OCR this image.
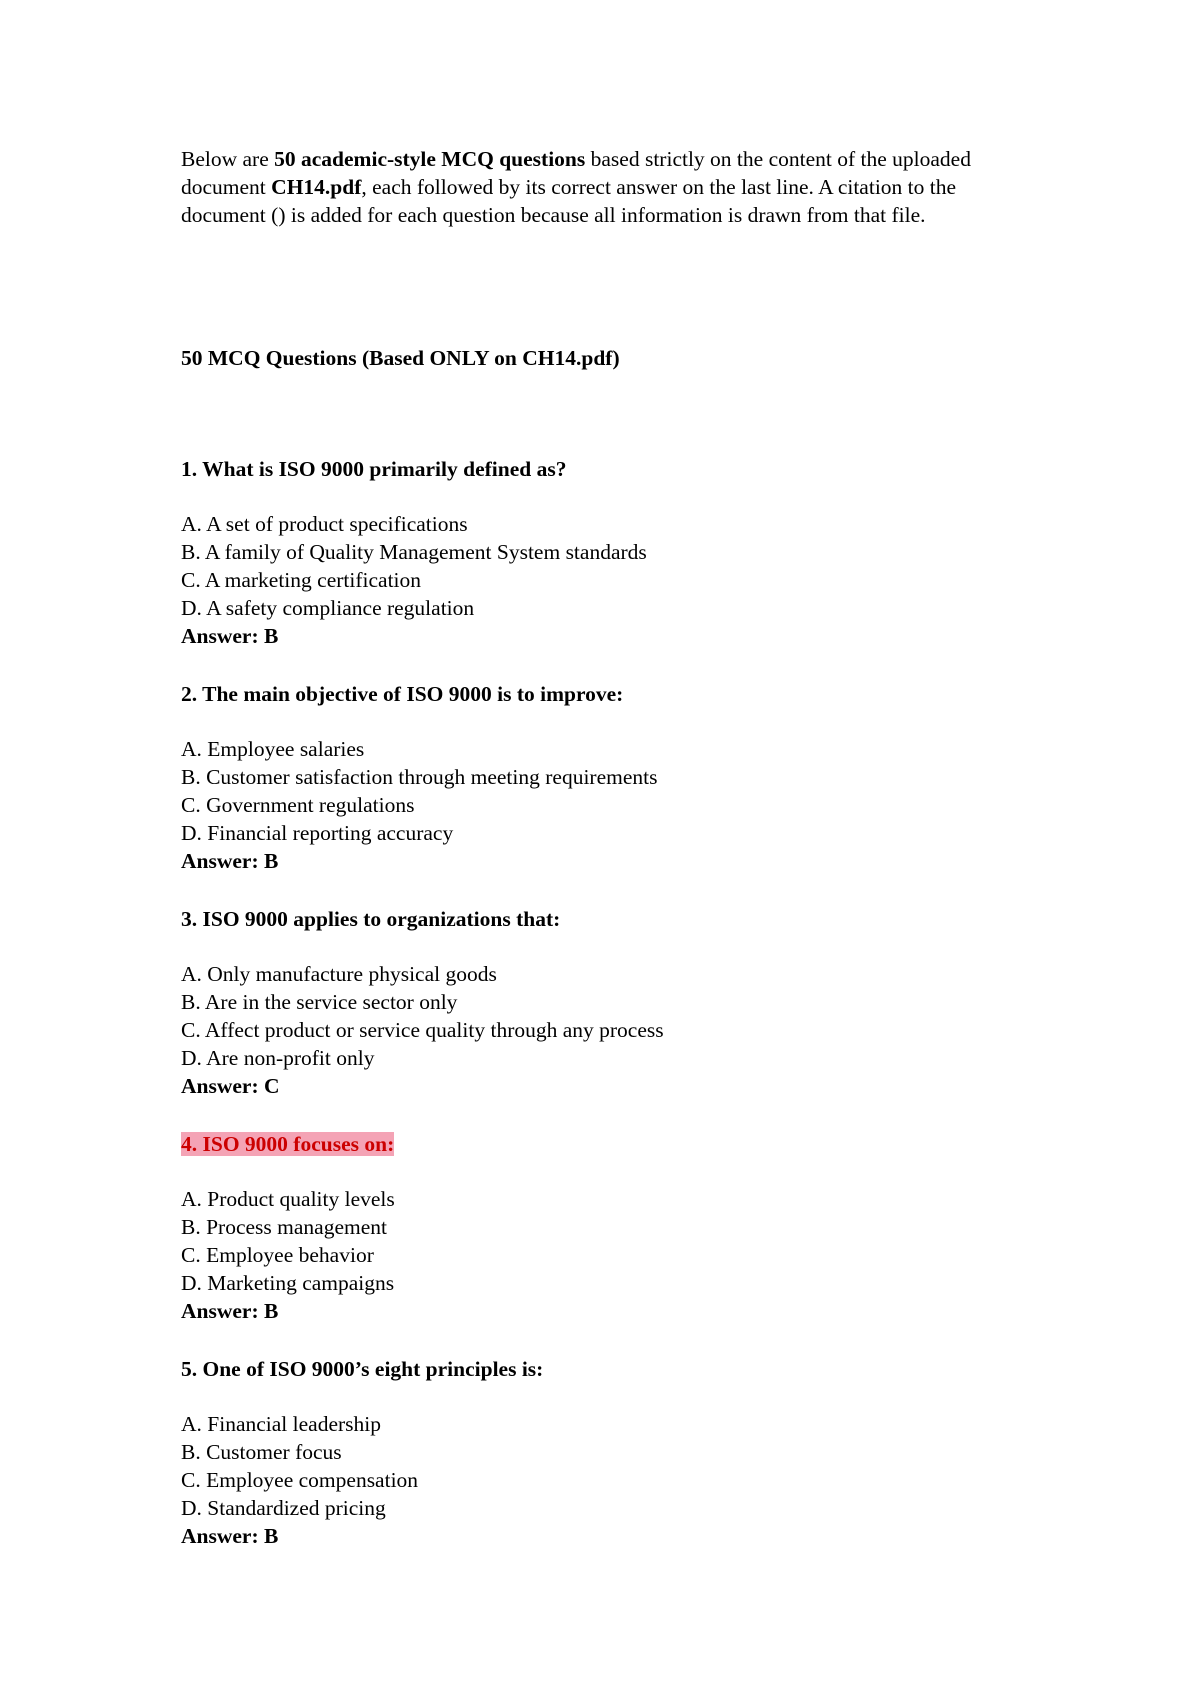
Below are 50 academic-style MCQ questions based strictly on the content of the uploaded document CH14.pdf, each followed by its correct answer on the last line. A citation to the document () is added for each question because all information is drawn from that file.

50 MCQ Questions (Based ONLY on CH14.pdf)

1. What is ISO 9000 primarily defined as?

A. A set of product specifications

B. A family of Quality Management System standards

C. A marketing certification

D. A safety compliance regulation

Answer: B

2. The main objective of ISO 9000 is to improve:

A. Employee salaries

B. Customer satisfaction through meeting requirements

C. Government regulations

D. Financial reporting accuracy

Answer: B

3. ISO 9000 applies to organizations that:

A. Only manufacture physical goods

B. Are in the service sector only

C. Affect product or service quality through any process

D. Are non-profit only

Answer: C

4. ISO 9000 focuses on:

A. Product quality levels

B. Process management

C. Employee behavior

D. Marketing campaigns

Answer: B

5. One of ISO 9000’s eight principles is:

A. Financial leadership

B. Customer focus

C. Employee compensation

D. Standardized pricing

Answer: B
